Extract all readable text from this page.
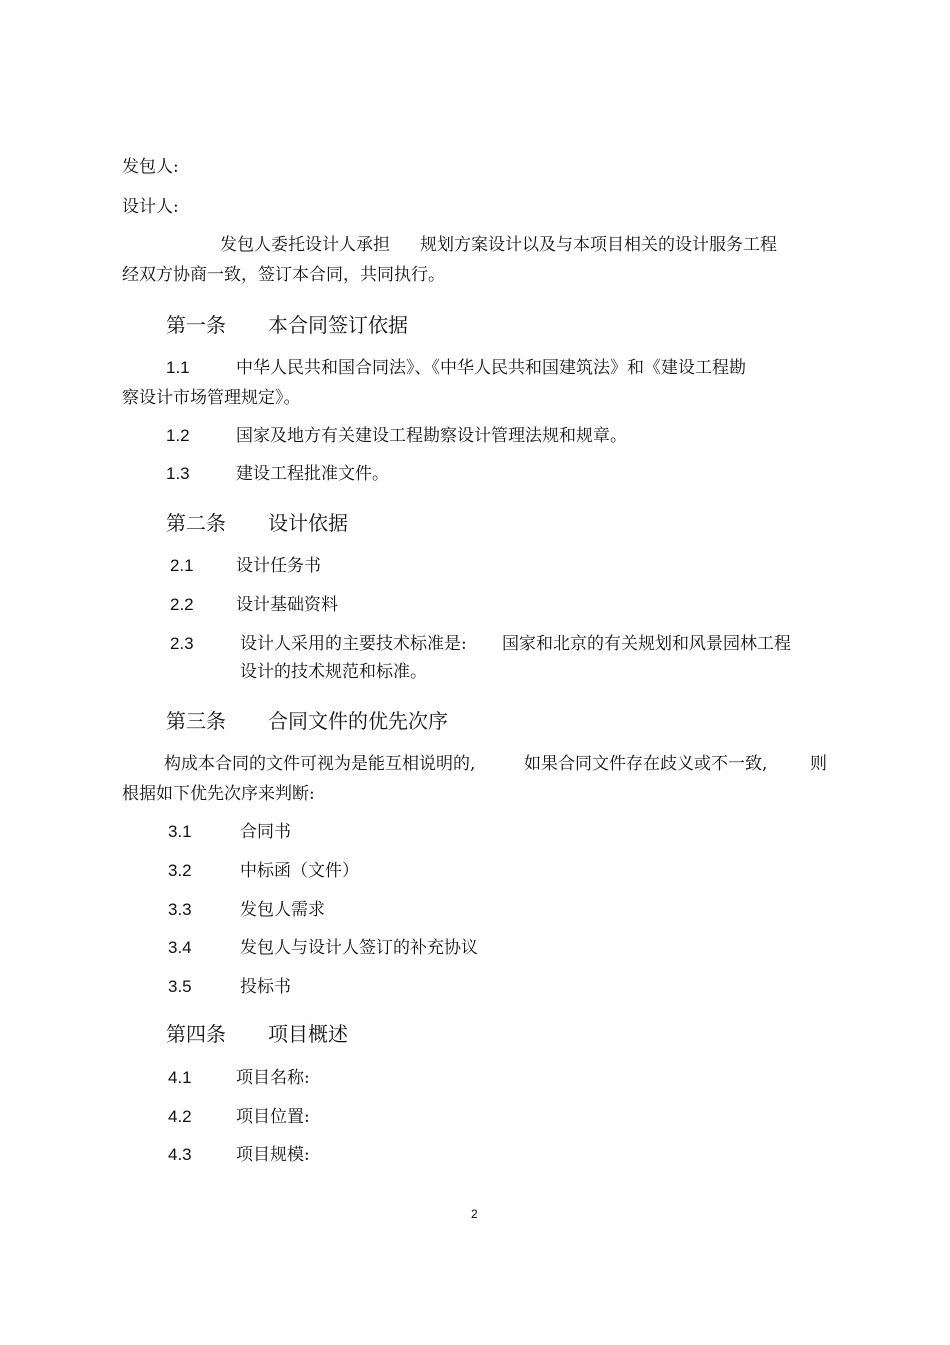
发包人:
设计人:
发包人委托设计人承担 规划方案设计以及与本项目相关的设计服务工程
经双方协商一致，签订本合同，共同执行。
第一条 本合同签订依据
1.1	中华人民共和国合同法》、《中华人民共和国建筑法》和《建设工程勘
察设计市场管理规定》。
1.2	国家及地方有关建设工程勘察设计管理法规和规章。
1.3	建设工程批准文件。
第二条 设计依据
2.1 设计任务书
2.2 设计基础资料
2.3	设计人采用的主要技术标准是: 国家和北京的有关规划和风景园林工程
设计的技术规范和标准。
第三条 合同文件的优先次序
构成本合同的文件可视为是能互相说明的,	如果合同文件存在歧义或不一致,	则
根据如下优先次序来判断:
3.1	合同书
3.2	中标函（文件）
3.3	发包人需求
3.4	发包人与设计人签订的补充协议
3.5	投标书
第四条 项目概述
4.1	项目名称:
4.2	项目位置:
4.3	项目规模:
2
